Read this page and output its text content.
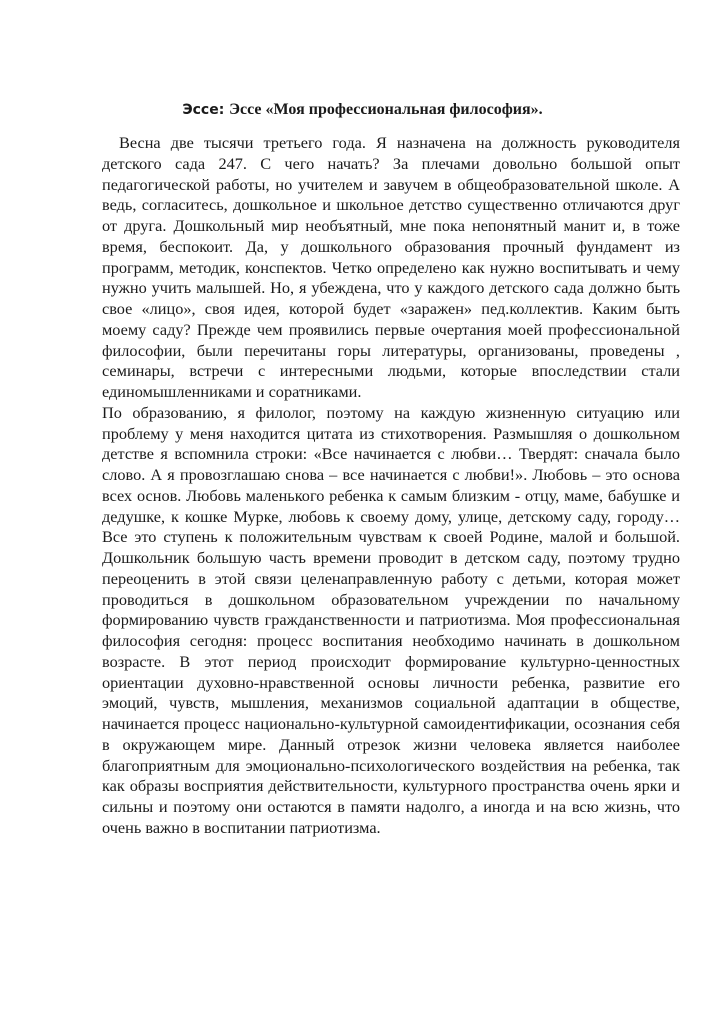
Эссе: Эссе «Моя профессиональная философия».

Весна две тысячи третьего года. Я назначена на должность руководителя детского сада 247. С чего начать? За плечами довольно большой опыт педагогической работы, но учителем и завучем в общеобразовательной школе. А ведь, согласитесь, дошкольное и школьное детство существенно отличаются друг от друга. Дошкольный мир необъятный, мне пока непонятный манит и, в тоже время, беспокоит. Да, у дошкольного образования прочный фундамент из программ, методик, конспектов. Четко определено как нужно воспитывать и чему нужно учить малышей. Но, я убеждена, что у каждого детского сада должно быть свое «лицо», своя идея, которой будет «заражен» пед.коллектив. Каким быть моему саду? Прежде чем проявились первые очертания моей профессиональной философии, были перечитаны горы литературы, организованы, проведены , семинары, встречи с интересными людьми, которые впоследствии стали единомышленниками и соратниками.

По образованию, я филолог, поэтому на каждую жизненную ситуацию или проблему у меня находится цитата из стихотворения. Размышляя о дошкольном детстве я вспомнила строки: «Все начинается с любви… Твердят: сначала было слово. А я провозглашаю снова – все начинается с любви!». Любовь – это основа всех основ. Любовь маленького ребенка к самым близким - отцу, маме, бабушке и дедушке, к кошке Мурке, любовь к своему дому, улице, детскому саду, городу… Все это ступень к положительным чувствам к своей Родине, малой и большой. Дошкольник большую часть времени проводит в детском саду, поэтому трудно переоценить в этой связи целенаправленную работу с детьми, которая может проводиться в дошкольном образовательном учреждении по начальному формированию чувств гражданственности и патриотизма. Моя профессиональная философия сегодня: процесс воспитания необходимо начинать в дошкольном возрасте. В этот период происходит формирование культурно-ценностных ориентации духовно-нравственной основы личности ребенка, развитие его эмоций, чувств, мышления, механизмов социальной адаптации в обществе, начинается процесс национально-культурной самоидентификации, осознания себя в окружающем мире. Данный отрезок жизни человека является наиболее благоприятным для эмоционально-психологического воздействия на ребенка, так как образы восприятия действительности, культурного пространства очень ярки и сильны и поэтому они остаются в памяти надолго, а иногда и на всю жизнь, что очень важно в воспитании патриотизма.
